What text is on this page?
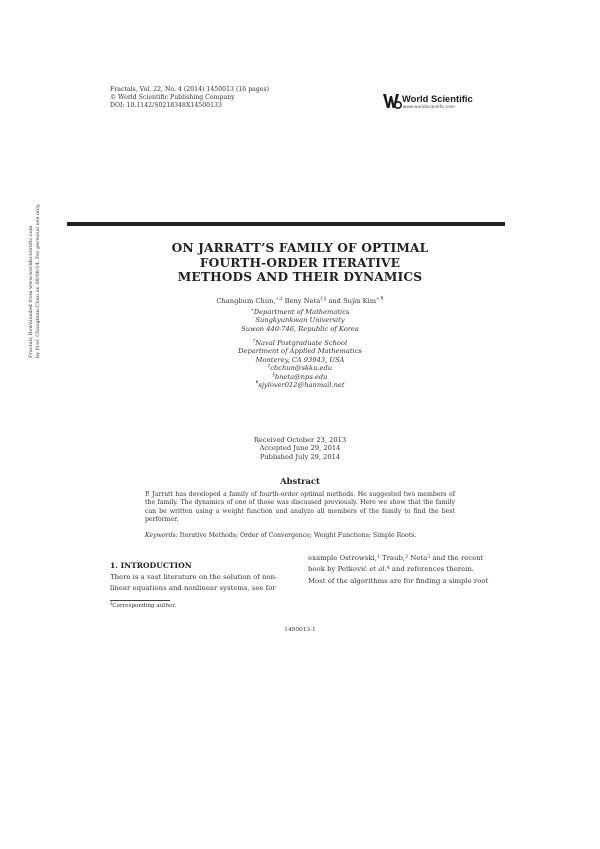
Fractals, Vol. 22, No. 4 (2014) 1450013 (16 pages)
© World Scientific Publishing Company
DOI: 10.1142/S0218348X14500133
World Scientific
www.worldscientific.com
Fractals Downloaded from www.worldscientific.com by Prof. Changbum Chun on 08/06/14. For personal use only.	ON JARRATT’S FAMILY OF OPTIMAL
FOURTH-ORDER ITERATIVE
METHODS AND THEIR DYNAMICS
Changbum Chun,∗,‡ Beny Neta†,§ and Sujin Kim∗,¶
∗Department of Mathematics
Sungkyunkwan University
Suwon 440-746, Republic of Korea
†Naval Postgraduate School
Department of Applied Mathematics
Monterey, CA 93943, USA
‡cbchun@skku.edu
§bneta@nps.edu
¶sjylover012@hanmail.net
Received October 23, 2013
Accepted June 29, 2014
Published July 29, 2014
Abstract
P. Jarratt has developed a family of fourth-order optimal methods. He suggested two members of the family. The dynamics of one of those was discussed previously. Here we show that the family can be written using a weight function and analyze all members of the family to find the best performer.
Keywords: Iterative Methods; Order of Convergence; Weight Functions; Simple Roots.
1. INTRODUCTION
There is a vast literature on the solution of non-
linear equations and nonlinear systems, see for
example Ostrowski,$^1$ Traub,$^2$ Neta$^3$ and the recent
book by Petković et al.$^4$ and references therein.
Most of the algorithms are for finding a simple root
‡Corresponding author.
1450013-1
